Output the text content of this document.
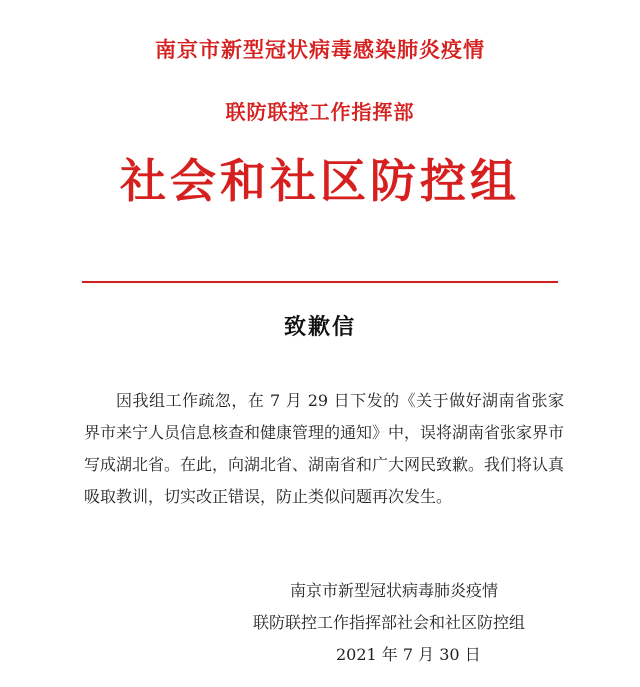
南京市新型冠状病毒感染肺炎疫情
联防联控工作指挥部
社会和社区防控组
致歉信

因我组工作疏忽，在 7 月 29 日下发的《关于做好湖南省张家界市来宁人员信息核查和健康管理的通知》中，误将湖南省张家界市写成湖北省。在此，向湖北省、湖南省和广大网民致歉。我们将认真吸取教训，切实改正错误，防止类似问题再次发生。

南京市新型冠状病毒肺炎疫情
联防联控工作指挥部社会和社区防控组
2021 年 7 月 30 日
